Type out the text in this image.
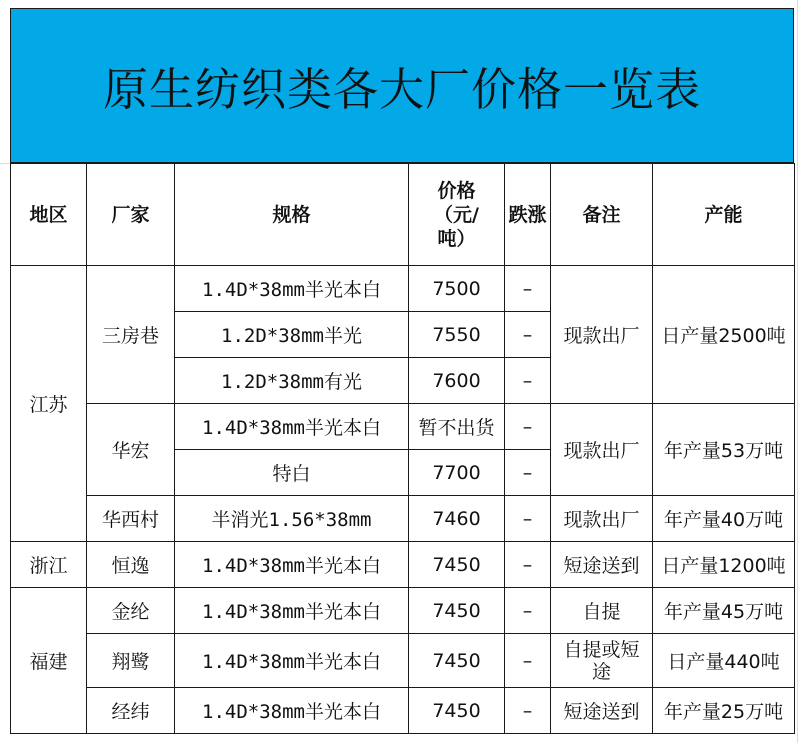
原生纺织类各大厂价格一览表
地区	厂家	规格	价格（元/吨）	跌涨	备注	产能
江苏	三房巷	1.4D*38mm半光本白	7500	–	现款出厂	日产量2500吨
		1.2D*38mm半光	7550	–		
		1.2D*38mm有光	7600	–		
	华宏	1.4D*38mm半光本白	暂不出货	–	现款出厂	年产量53万吨
		特白	7700	–		
	华西村	半消光1.56*38mm	7460	–	现款出厂	年产量40万吨
浙江	恒逸	1.4D*38mm半光本白	7450	–	短途送到	日产量1200吨
福建	金纶	1.4D*38mm半光本白	7450	–	自提	年产量45万吨
	翔鹭	1.4D*38mm半光本白	7450	–	自提或短途	日产量440吨
	经纬	1.4D*38mm半光本白	7450	–	短途送到	年产量25万吨
